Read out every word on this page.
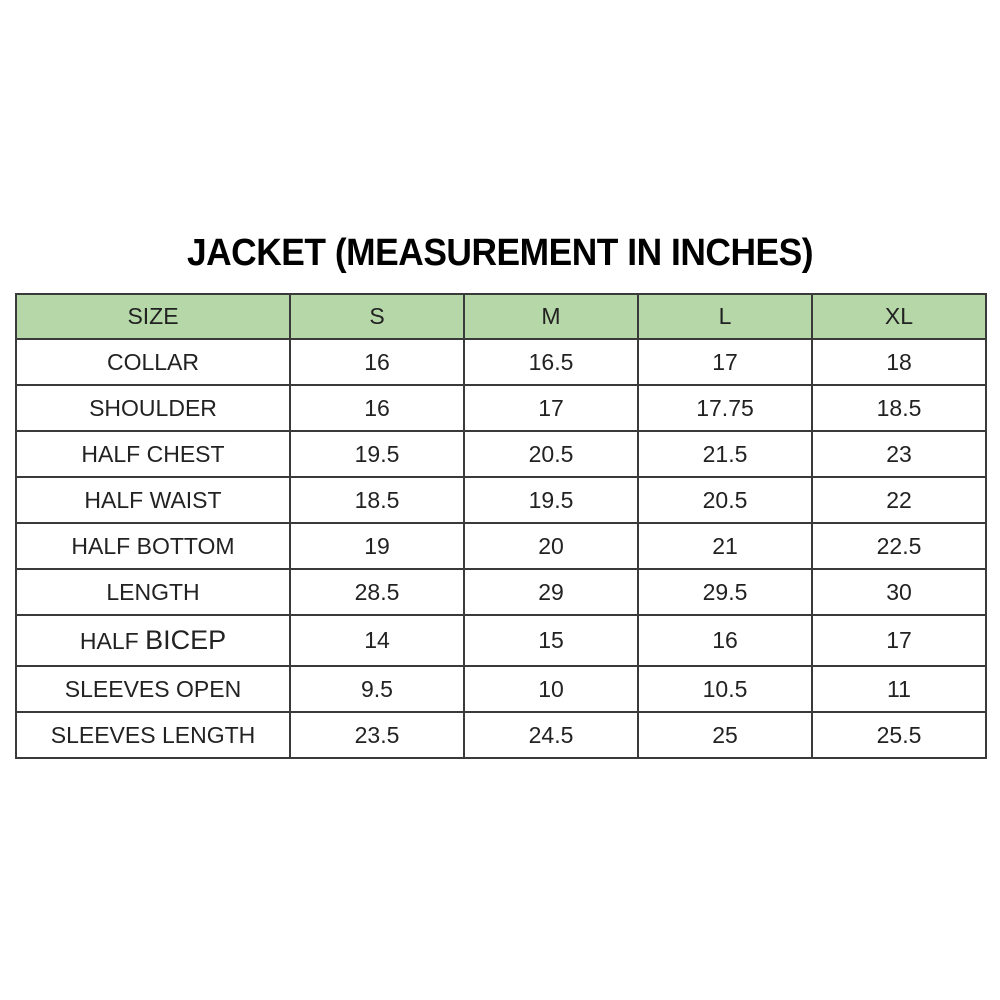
JACKET (MEASUREMENT IN INCHES)
SIZE	S	M	L	XL
COLLAR	16	16.5	17	18
SHOULDER	16	17	17.75	18.5
HALF CHEST	19.5	20.5	21.5	23
HALF WAIST	18.5	19.5	20.5	22
HALF BOTTOM	19	20	21	22.5
LENGTH	28.5	29	29.5	30
HALF BICEP	14	15	16	17
SLEEVES OPEN	9.5	10	10.5	11
SLEEVES LENGTH	23.5	24.5	25	25.5
